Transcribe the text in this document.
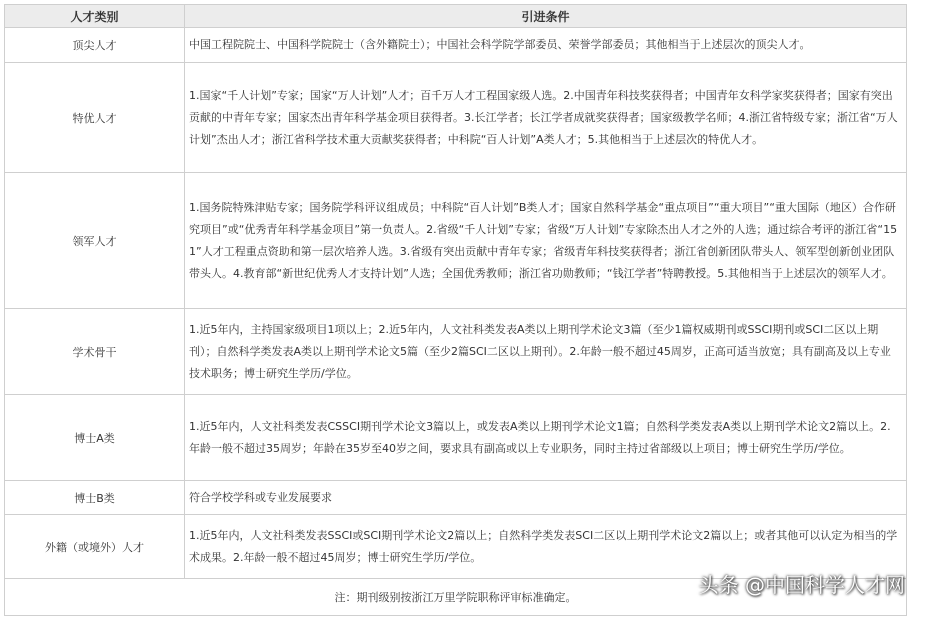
人才类别	引进条件
顶尖人才	中国工程院院士、中国科学院院士（含外籍院士）；中国社会科学院学部委员、荣誉学部委员；其他相当于上述层次的顶尖人才。
特优人才	1.国家“千人计划”专家；国家“万人计划”人才；百千万人才工程国家级人选。2.中国青年科技奖获得者；中国青年女科学家奖获得者；国家有突出贡献的中青年专家；国家杰出青年科学基金项目获得者。3.长江学者；长江学者成就奖获得者；国家级教学名师；4.浙江省特级专家；浙江省“万人计划”杰出人才；浙江省科学技术重大贡献奖获得者；中科院“百人计划”A类人才；5.其他相当于上述层次的特优人才。
领军人才	1.国务院特殊津贴专家；国务院学科评议组成员；中科院“百人计划”B类人才；国家自然科学基金“重点项目”“重大项目”“重大国际（地区）合作研究项目”或“优秀青年科学基金项目”第一负责人。2.省级“千人计划”专家；省级“万人计划”专家除杰出人才之外的人选；通过综合考评的浙江省“151”人才工程重点资助和第一层次培养人选。3.省级有突出贡献中青年专家；省级青年科技奖获得者；浙江省创新团队带头人、领军型创新创业团队带头人。4.教育部“新世纪优秀人才支持计划”人选；全国优秀教师；浙江省功勋教师；“钱江学者”特聘教授。5.其他相当于上述层次的领军人才。
学术骨干	1.近5年内，主持国家级项目1项以上；2.近5年内，人文社科类发表A类以上期刊学术论文3篇（至少1篇权威期刊或SSCI期刊或SCI二区以上期刊）；自然科学类发表A类以上期刊学术论文5篇（至少2篇SCI二区以上期刊）。2.年龄一般不超过45周岁，正高可适当放宽；具有副高及以上专业技术职务；博士研究生学历/学位。
博士A类	1.近5年内，人文社科类发表CSSCI期刊学术论文3篇以上，或发表A类以上期刊学术论文1篇；自然科学类发表A类以上期刊学术论文2篇以上。2.年龄一般不超过35周岁；年龄在35岁至40岁之间，要求具有副高或以上专业职务，同时主持过省部级以上项目；博士研究生学历/学位。
博士B类	符合学校学科或专业发展要求
外籍（或境外）人才	1.近5年内，人文社科类发表SSCI或SCI期刊学术论文2篇以上；自然科学类发表SCI二区以上期刊学术论文2篇以上；或者其他可以认定为相当的学术成果。2.年龄一般不超过45周岁；博士研究生学历/学位。
注：期刊级别按浙江万里学院职称评审标准确定。	
头条 @中国科学人才网
